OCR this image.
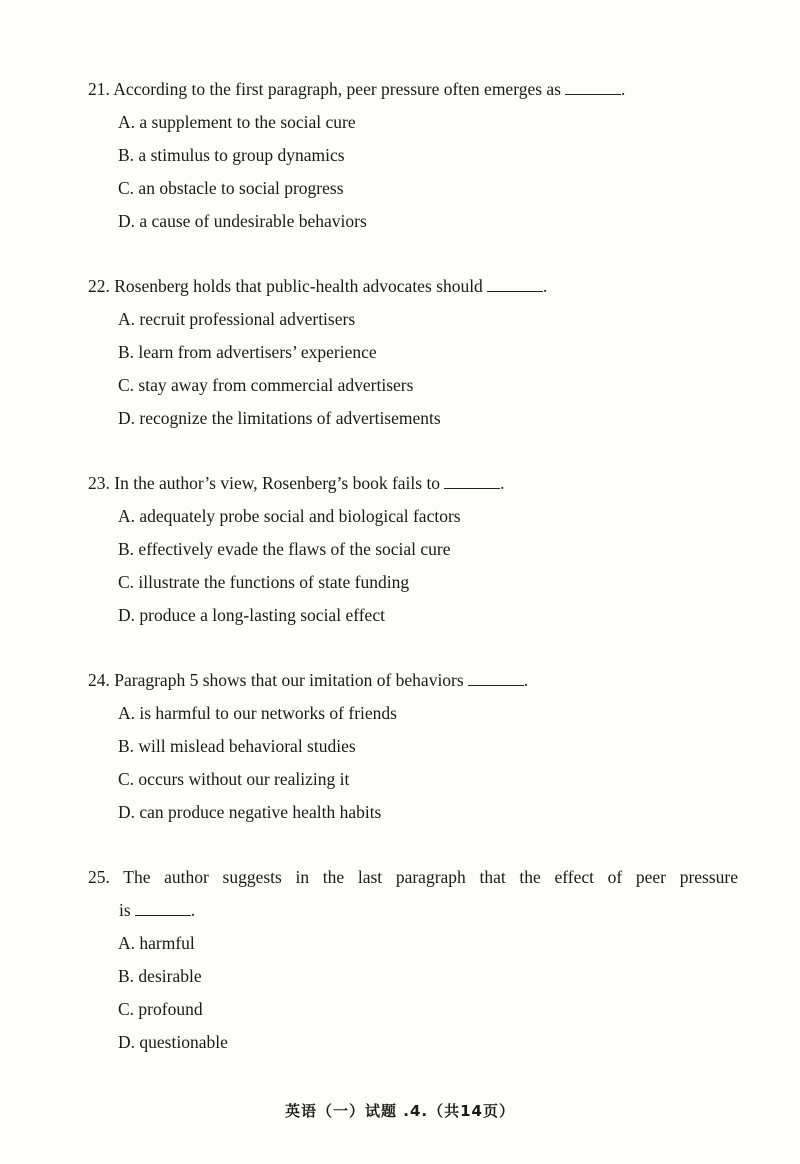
21. According to the first paragraph, peer pressure often emerges as	.
A. a supplement to the social cure
B. a stimulus to group dynamics
C. an obstacle to social progress
D. a cause of undesirable behaviors
22. Rosenberg holds that public-health advocates should	.
A. recruit professional advertisers
B. learn from advertisers’ experience
C. stay away from commercial advertisers
D. recognize the limitations of advertisements
23. In the author’s view, Rosenberg’s book fails to	.
A. adequately probe social and biological factors
B. effectively evade the flaws of the social cure
C. illustrate the functions of state funding
D. produce a long-lasting social effect
24. Paragraph 5 shows that our imitation of behaviors	.
A. is harmful to our networks of friends
B. will mislead behavioral studies
C. occurs without our realizing it
D. can produce negative health habits
25. The author suggests in the last paragraph that the effect of peer pressure
is	.
A. harmful
B. desirable
C. profound
D. questionable
英语（一）试题 .4.（共14页）
